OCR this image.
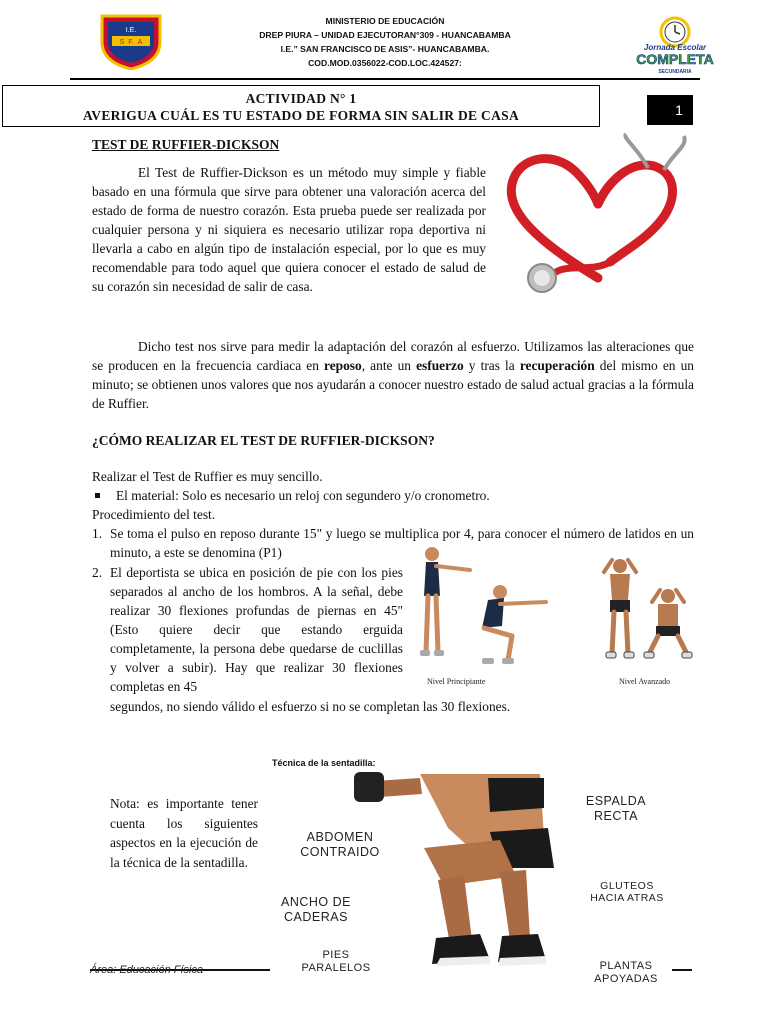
I.E.
S F. A
MINISTERIO DE EDUCACIÓN
DREP PIURA – UNIDAD EJECUTORAN°309 - HUANCABAMBA
I.E.” SAN FRANCISCO DE ASIS”- HUANCABAMBA.
COD.MOD.0356022-COD.LOC.424527:
Jornada Escolar
COMPLETA
SECUNDARIA
ACTIVIDAD N° 1
AVERIGUA CUÁL ES TU ESTADO DE FORMA SIN SALIR DE CASA	1
TEST DE RUFFIER-DICKSON
El Test de Ruffier-Dickson es un método muy simple y fiable basado en una fórmula que sirve para obtener una valoración acerca del estado de forma de nuestro corazón. Esta prueba puede ser realizada por cualquier persona y ni siquiera es necesario utilizar ropa deportiva ni llevarla a cabo en algún tipo de instalación especial, por lo que es muy recomendable para todo aquel que quiera conocer el estado de salud de su corazón sin necesidad de salir de casa.
Dicho test nos sirve para medir la adaptación del corazón al esfuerzo. Utilizamos las alteraciones que se producen en la frecuencia cardiaca en reposo, ante un esfuerzo y tras la recuperación del mismo en un minuto; se obtienen unos valores que nos ayudarán a conocer nuestro estado de salud actual gracias a la fórmula de Ruffier.
¿CÓMO REALIZAR EL TEST DE RUFFIER-DICKSON?
Realizar el Test de Ruffier es muy sencillo.
El material: Solo es necesario un reloj con segundero y/o cronometro.
Procedimiento del test.
1. Se toma el pulso en reposo durante 15" y luego se multiplica por 4, para conocer el número de latidos en un minuto, a este se denomina (P1)
2. El deportista se ubica en posición de pie con los pies separados al ancho de los hombros. A la señal, debe realizar 30 flexiones profundas de piernas en 45" (Esto quiere decir que estando erguida completamente, la persona debe quedarse de cuclillas y volver a subir). Hay que realizar 30 flexiones completas en 45
segundos, no siendo válido el esfuerzo si no se completan las 30 flexiones.
Nivel Principiante	Nivel Avanzado
Técnica de la sentadilla:
ESPALDA
RECTA
ABDOMEN
CONTRAIDO
GLUTEOS
HACIA ATRAS
ANCHO DE
CADERAS
PIES
PARALELOS	PLANTAS
APOYADAS
Nota: es importante tener cuenta los siguientes aspectos en la ejecución de la técnica de la sentadilla.
Área: Educación Física
